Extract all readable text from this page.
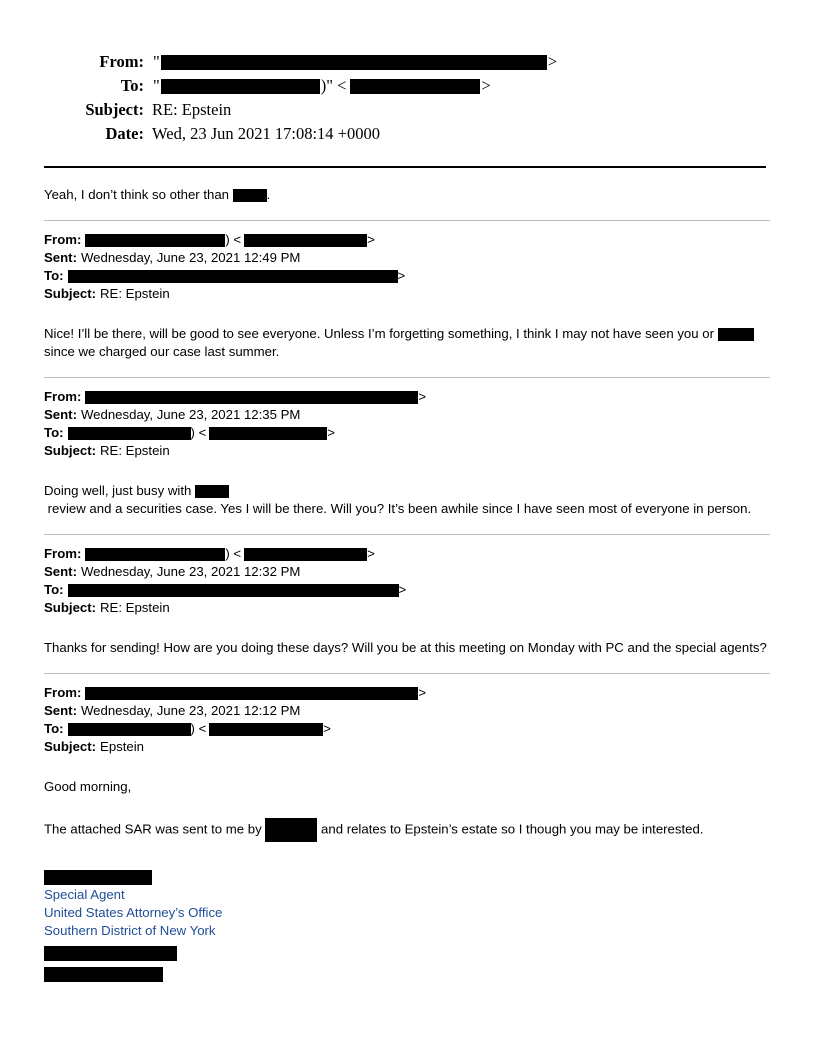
From: "	>
To: "	)" <	>
Subject: RE: Epstein
Date: Wed, 23 Jun 2021 17:08:14 +0000
Yeah, I don’t think so other than	.
From:	) <	>
Sent: Wednesday, June 23, 2021 12:49 PM
To:	>
Subject: RE: Epstein
Nice! I’ll be there, will be good to see everyone. Unless I’m forgetting something, I think I may not have seen you or
since we charged our case last summer.
From:	>
Sent: Wednesday, June 23, 2021 12:35 PM
To:	) <	>
Subject: RE: Epstein
Doing well, just busy with  review and a securities case. Yes I will be there. Will you? It’s been awhile since I have seen most of everyone in person.
From:	) <	>
Sent: Wednesday, June 23, 2021 12:32 PM
To:	>
Subject: RE: Epstein
Thanks for sending! How are you doing these days? Will you be at this meeting on Monday with PC and the special agents?
From:	>
Sent: Wednesday, June 23, 2021 12:12 PM
To:	) <	>
Subject: Epstein
Good morning,
The attached SAR was sent to me by	and relates to Epstein’s estate so I though you may be interested.
Special Agent
United States Attorney’s Office
Southern District of New York
